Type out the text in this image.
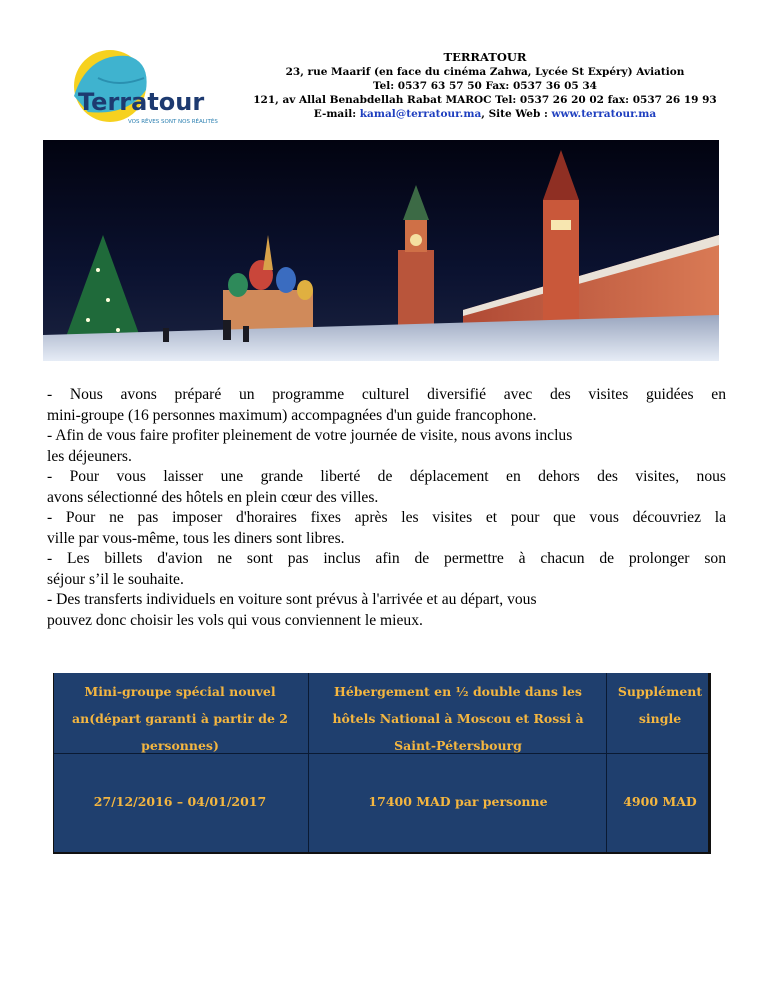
Terratour
VOS RÊVES SONT NOS RÉALITÉS
TERRATOUR
23, rue Maarif (en face du cinéma Zahwa, Lycée St Expéry) Aviation
Tel: 0537 63 57 50 Fax: 0537 36 05 34
121, av Allal Benabdellah Rabat MAROC Tel: 0537 26 20 02 fax: 0537 26 19 93
E-mail: kamal@terratour.ma, Site Web : www.terratour.ma

- Nous avons préparé un programme culturel diversifié avec des visites guidées en

mini-groupe (16 personnes maximum) accompagnées d'un guide francophone.

- Afin de vous faire profiter pleinement de votre journée de visite, nous avons inclus

les déjeuners.

- Pour vous laisser une grande liberté de déplacement en dehors des visites, nous

avons sélectionné des hôtels en plein cœur des villes.

- Pour ne pas imposer d'horaires fixes après les visites et pour que vous découvriez la

ville par vous-même, tous les diners sont libres.

- Les billets d'avion ne sont pas inclus afin de permettre à chacun de prolonger son

séjour s’il le souhaite.

- Des transferts individuels en voiture sont prévus à l'arrivée et au départ, vous

pouvez donc choisir les vols qui vous conviennent le mieux.

Mini-groupe spécial nouvel
an(départ garanti à partir de 2
personnes)
Hébergement en ½ double dans les
hôtels National à Moscou et Rossi à
Saint-Pétersbourg
Supplément
single
27/12/2016 – 04/01/2017	17400 MAD par personne	4900 MAD
